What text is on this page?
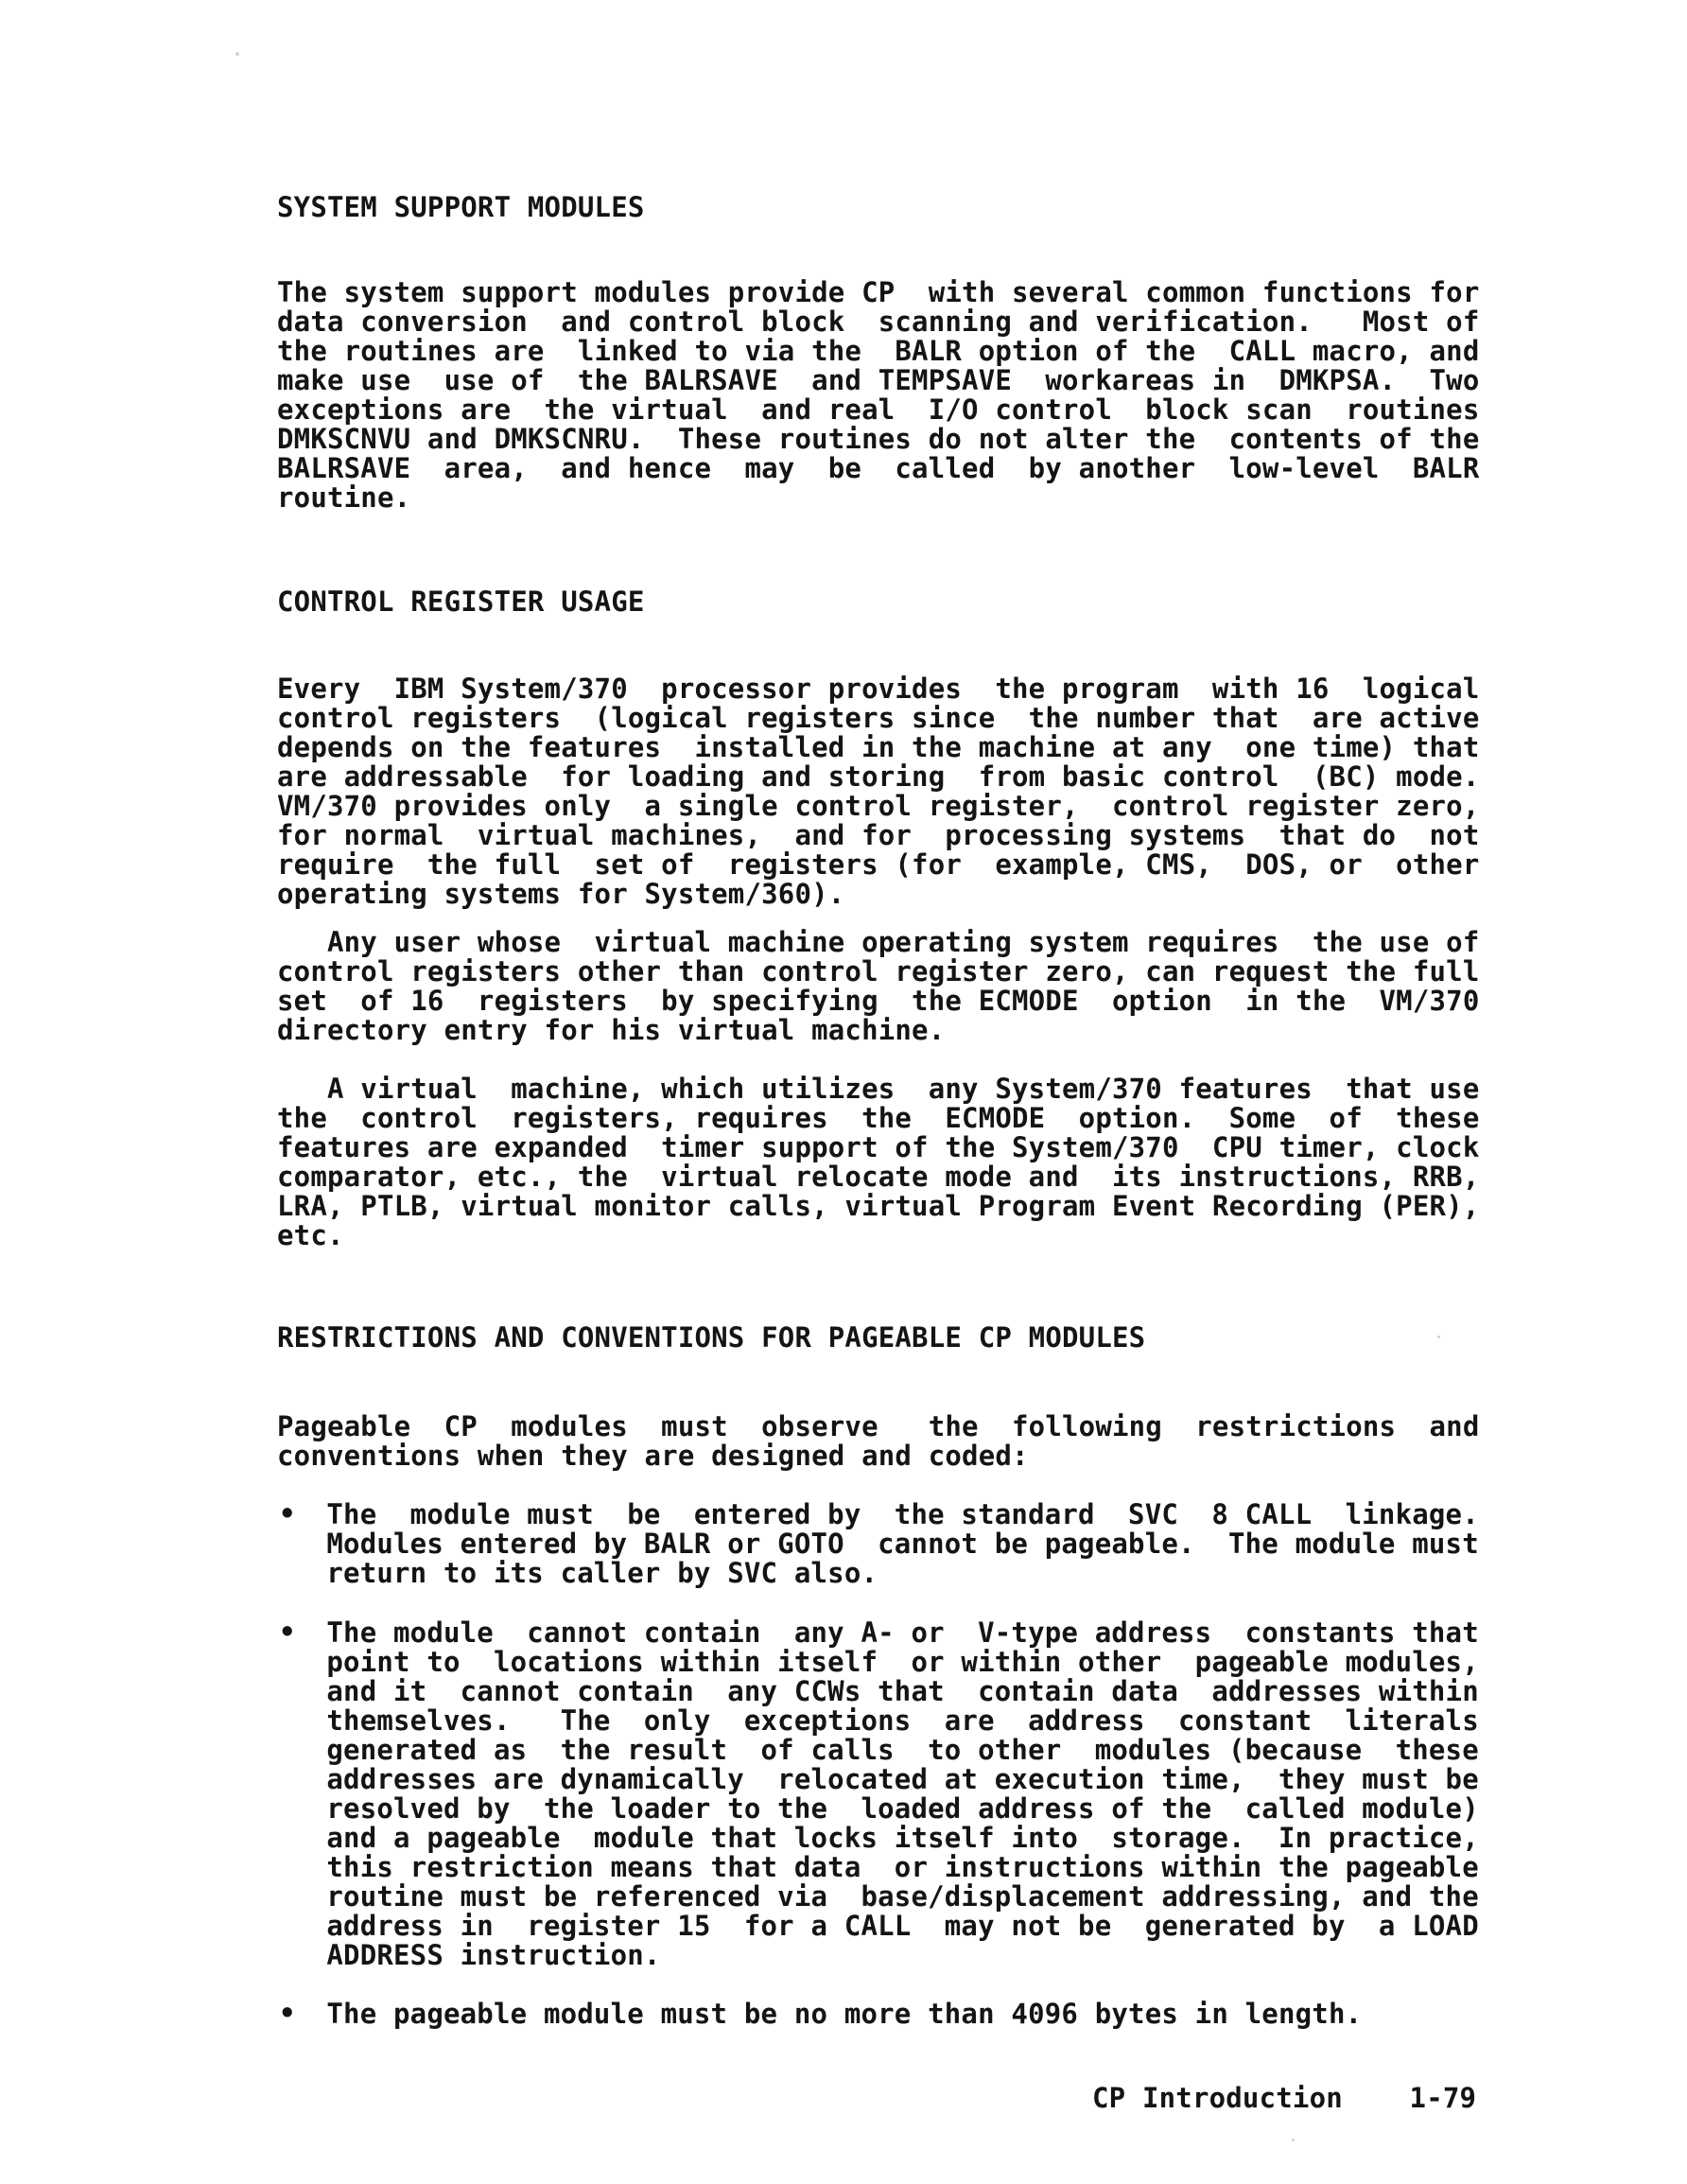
SYSTEM SUPPORT MODULES
The system support modules provide CP  with several common functions for
data conversion  and control block  scanning and verification.   Most of
the routines are  linked to via the  BALR option of the  CALL macro, and
make use  use of  the BALRSAVE  and TEMPSAVE  workareas in  DMKPSA.  Two
exceptions are  the virtual  and real  I/O control  block scan  routines
DMKSCNVU and DMKSCNRU.  These routines do not alter the  contents of the
BALRSAVE  area,  and hence  may  be  called  by another  low-level  BALR
routine.
CONTROL REGISTER USAGE
Every  IBM System/370  processor provides  the program  with 16  logical
control registers  (logical registers since  the number that  are active
depends on the features  installed in the machine at any  one time) that
are addressable  for loading and storing  from basic control  (BC) mode.
VM/370 provides only  a single control register,  control register zero,
for normal  virtual machines,  and for  processing systems  that do  not
require  the full  set of  registers (for  example, CMS,  DOS, or  other
operating systems for System/360).
Any user whose  virtual machine operating system requires  the use of
control registers other than control register zero, can request the full
set  of 16  registers  by specifying  the ECMODE  option  in the  VM/370
directory entry for his virtual machine.
A virtual  machine, which utilizes  any System/370 features  that use
the  control  registers, requires  the  ECMODE  option.  Some  of  these
features are expanded  timer support of the System/370  CPU timer, clock
comparator, etc., the  virtual relocate mode and  its instructions, RRB,
LRA, PTLB, virtual monitor calls, virtual Program Event Recording (PER),
etc.
RESTRICTIONS AND CONVENTIONS FOR PAGEABLE CP MODULES
Pageable  CP  modules  must  observe   the  following  restrictions  and
conventions when they are designed and coded:
• The  module must  be  entered by  the standard  SVC  8 CALL  linkage.
Modules entered by BALR or GOTO  cannot be pageable.  The module must
return to its caller by SVC also.
• The module  cannot contain  any A- or  V-type address  constants that
point to  locations within itself  or within other  pageable modules,
and it  cannot contain  any CCWs that  contain data  addresses within
themselves.   The  only  exceptions  are  address  constant  literals
generated as  the result  of calls  to other  modules (because  these
addresses are dynamically  relocated at execution time,  they must be
resolved by  the loader to the  loaded address of the  called module)
and a pageable  module that locks itself into  storage.  In practice,
this restriction means that data  or instructions within the pageable
routine must be referenced via  base/displacement addressing, and the
address in  register 15  for a CALL  may not be  generated by  a LOAD
ADDRESS instruction.
• The pageable module must be no more than 4096 bytes in length.
CP Introduction    1-79
